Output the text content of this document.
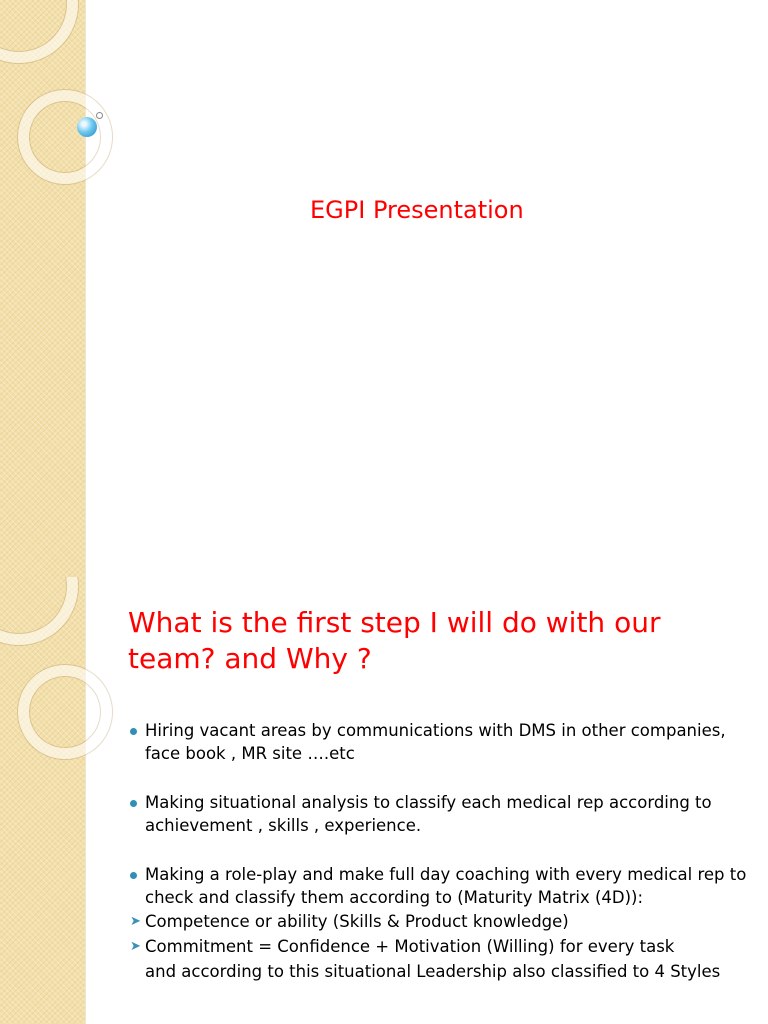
EGPI Presentation
What is the first step I will do with our team? and Why ?
Hiring vacant areas by communications with DMS in other companies, face book , MR site ….etc
Making situational analysis to classify each medical rep according to achievement , skills , experience.
Making a role-play and make full day coaching with every medical rep to check and classify them according to (Maturity Matrix (4D)):
➤ Competence or ability (Skills & Product knowledge)
➤ Commitment = Confidence + Motivation (Willing) for every task
and according to this situational Leadership also classified to 4 Styles
